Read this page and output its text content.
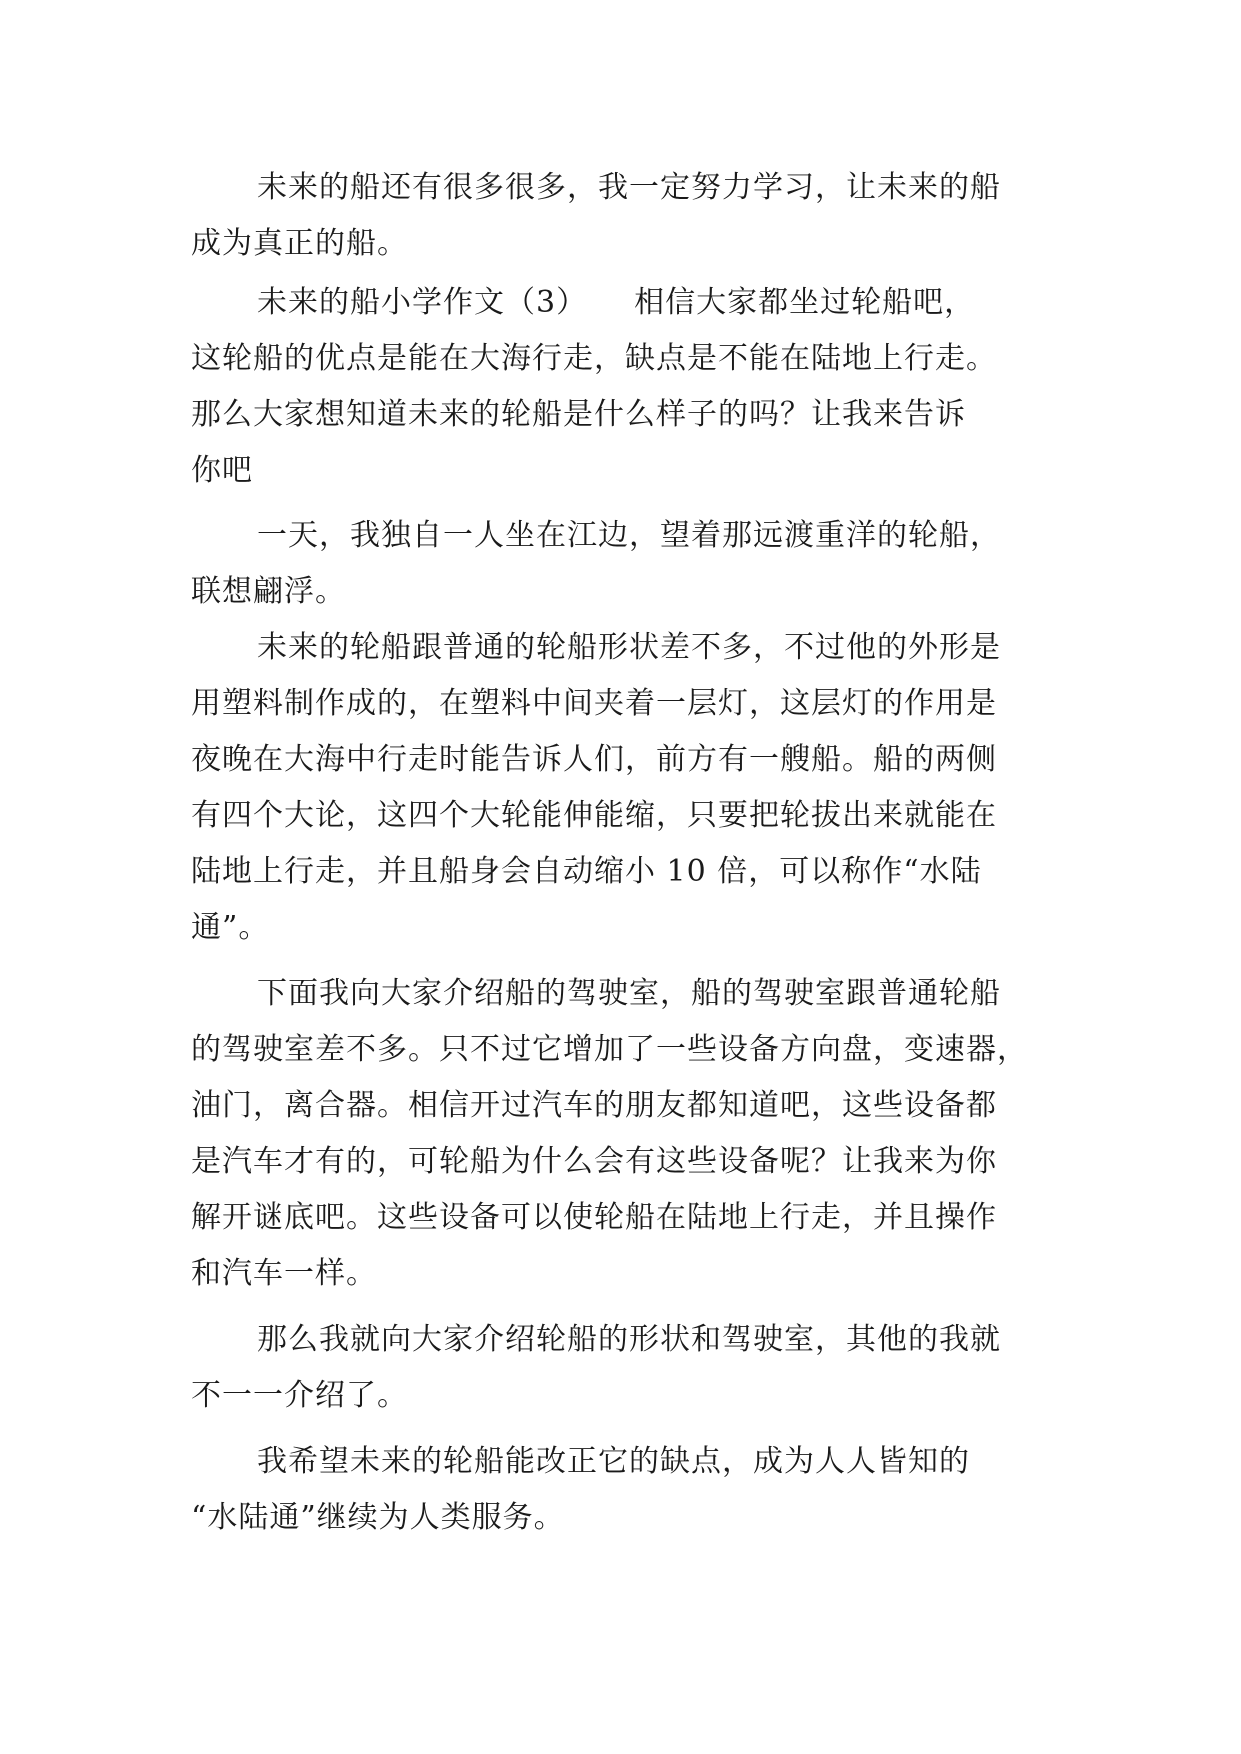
未来的船还有很多很多，我一定努力学习，让未来的船
成为真正的船。
未来的船小学作文（3）　　相信大家都坐过轮船吧，
这轮船的优点是能在大海行走，缺点是不能在陆地上行走。
那么大家想知道未来的轮船是什么样子的吗？让我来告诉
你吧
一天，我独自一人坐在江边，望着那远渡重洋的轮船，
联想翩浮。
未来的轮船跟普通的轮船形状差不多，不过他的外形是
用塑料制作成的，在塑料中间夹着一层灯，这层灯的作用是
夜晚在大海中行走时能告诉人们，前方有一艘船。船的两侧
有四个大论，这四个大轮能伸能缩，只要把轮拔出来就能在
陆地上行走，并且船身会自动缩小 10 倍，可以称作“水陆
通”。
下面我向大家介绍船的驾驶室，船的驾驶室跟普通轮船
的驾驶室差不多。只不过它增加了一些设备方向盘，变速器，
油门，离合器。相信开过汽车的朋友都知道吧，这些设备都
是汽车才有的，可轮船为什么会有这些设备呢？让我来为你
解开谜底吧。这些设备可以使轮船在陆地上行走，并且操作
和汽车一样。
那么我就向大家介绍轮船的形状和驾驶室，其他的我就
不一一介绍了。
我希望未来的轮船能改正它的缺点，成为人人皆知的
“水陆通”继续为人类服务。
